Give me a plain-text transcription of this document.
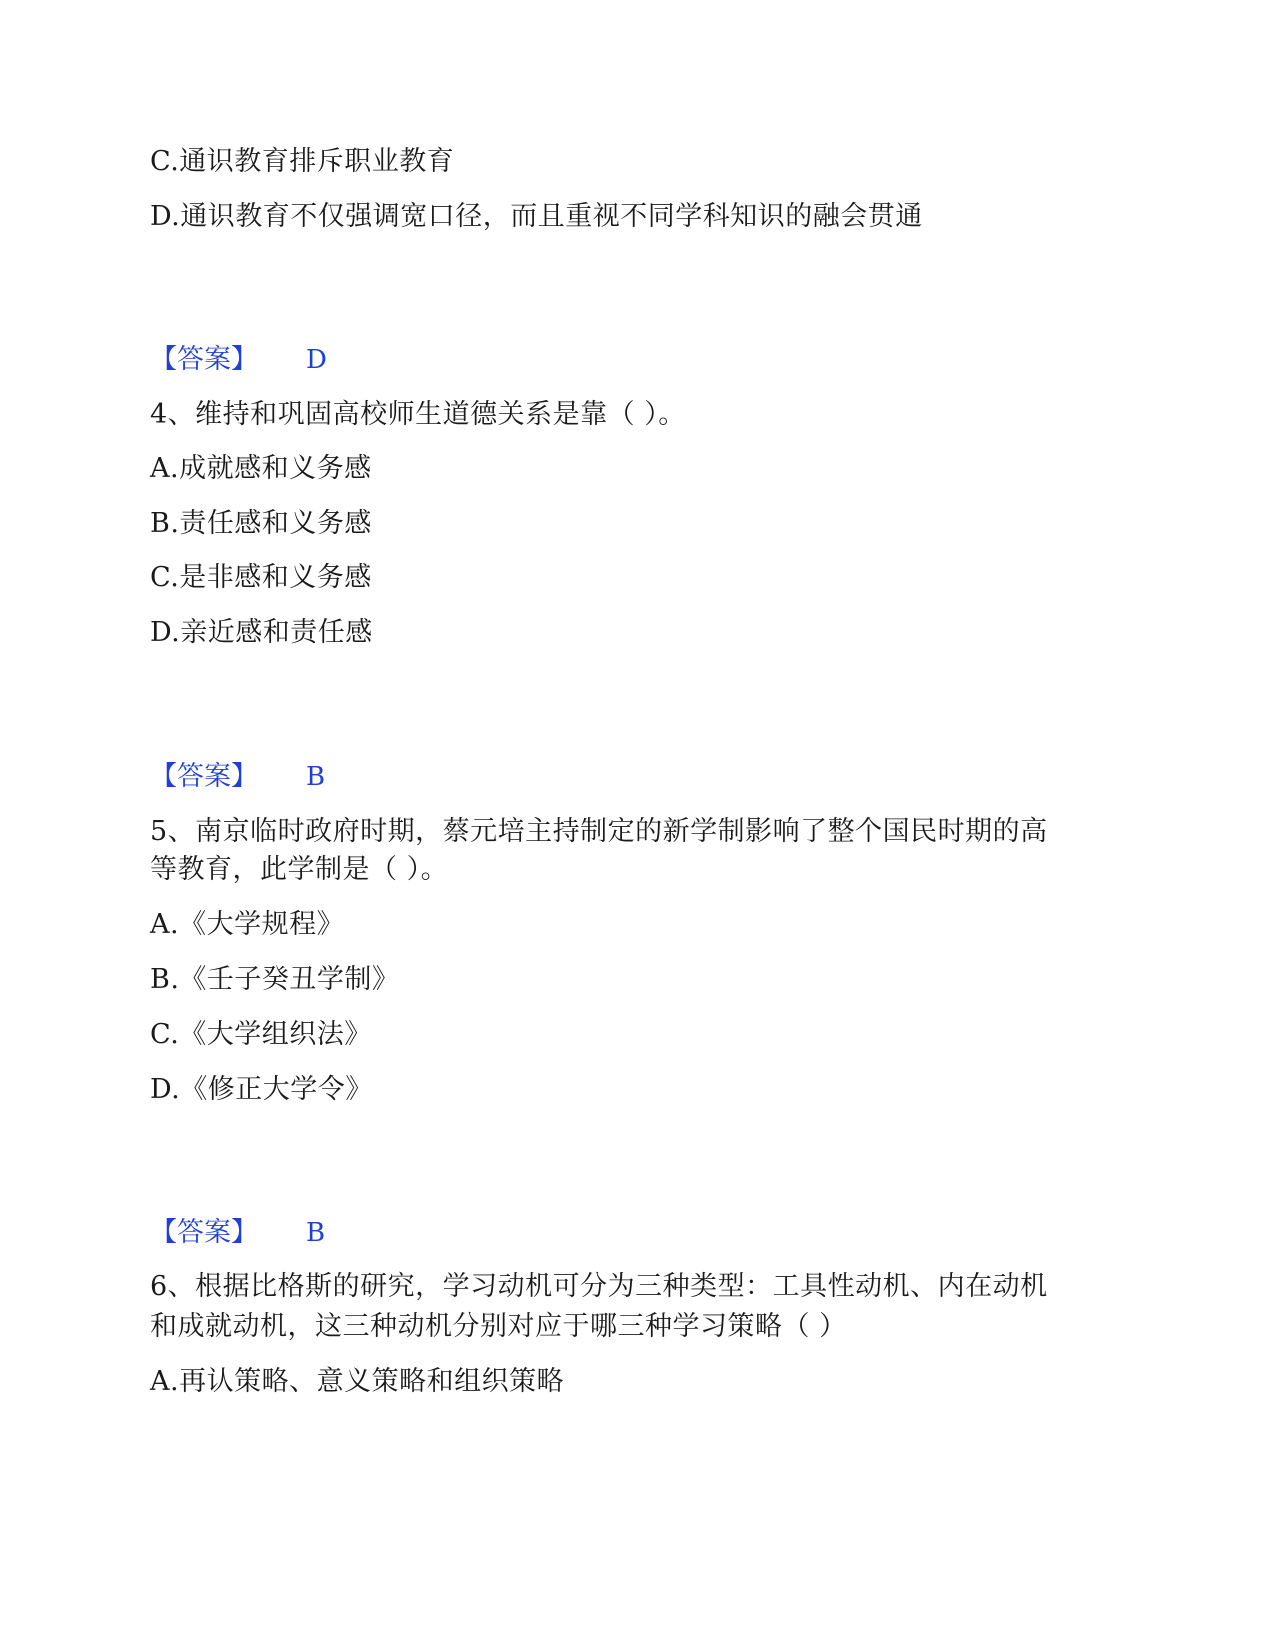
C.通识教育排斥职业教育
D.通识教育不仅强调宽口径，而且重视不同学科知识的融会贯通
【答案】 D
4、维持和巩固高校师生道德关系是靠（ ）。
A.成就感和义务感
B.责任感和义务感
C.是非感和义务感
D.亲近感和责任感
【答案】 B
5、南京临时政府时期，蔡元培主持制定的新学制影响了整个国民时期的高
等教育，此学制是（ ）。
A.《大学规程》
B.《壬子癸丑学制》
C.《大学组织法》
D.《修正大学令》
【答案】 B
6、根据比格斯的研究，学习动机可分为三种类型：工具性动机、内在动机
和成就动机，这三种动机分别对应于哪三种学习策略（ ）
A.再认策略、意义策略和组织策略
